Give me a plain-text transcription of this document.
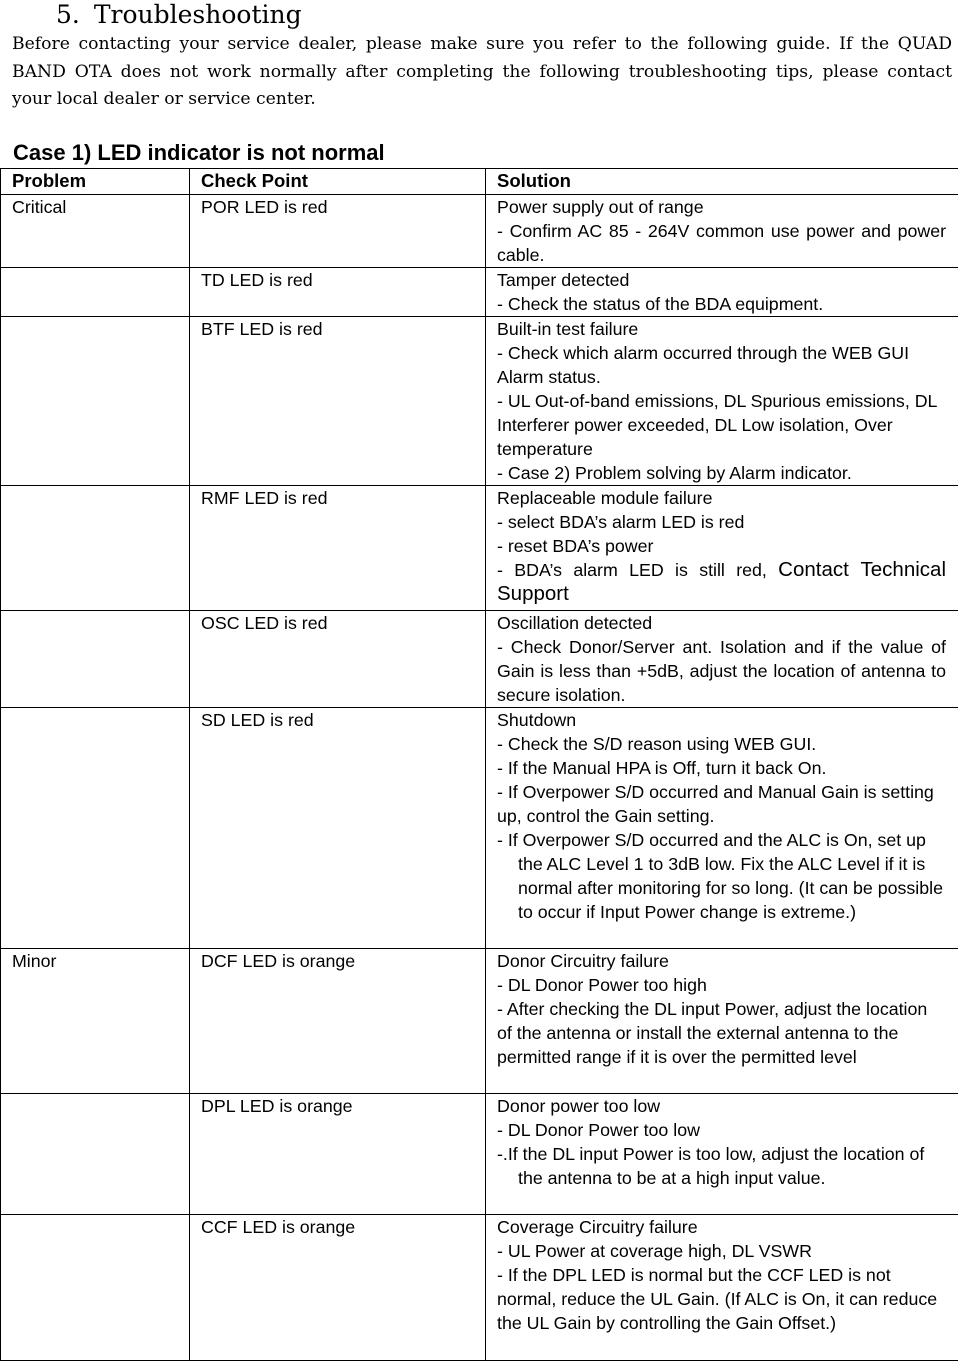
5. Troubleshooting
Before contacting your service dealer, please make sure you refer to the following guide. If the QUAD BAND OTA does not work normally after completing the following troubleshooting tips, please contact your local dealer or service center.
Case 1) LED indicator is not normal
Problem	Check Point	Solution
Critical	POR LED is red	Power supply out of range
- Confirm AC 85 - 264V common use power and power cable.

	TD LED is red	Tamper detected
- Check the status of the BDA equipment.

	BTF LED is red	Built-in test failure
- Check which alarm occurred through the WEB GUI Alarm status.
- UL Out-of-band emissions, DL Spurious emissions, DL Interferer power exceeded, DL Low isolation, Over temperature
- Case 2) Problem solving by Alarm indicator.

	RMF LED is red	Replaceable module failure
- select BDA’s alarm LED is red
- reset BDA’s power
- BDA’s alarm LED is still red, Contact Technical Support

	OSC LED is red	Oscillation detected
- Check Donor/Server ant. Isolation and if the value of Gain is less than +5dB, adjust the location of antenna to secure isolation.

	SD LED is red	Shutdown
- Check the S/D reason using WEB GUI.
- If the Manual HPA is Off, turn it back On.
- If Overpower S/D occurred and Manual Gain is setting up, control the Gain setting.
- If Overpower S/D occurred and the ALC is On, set up the ALC Level 1 to 3dB low. Fix the ALC Level if it is normal after monitoring for so long. (It can be possible to occur if Input Power change is extreme.)

Minor	DCF LED is orange	Donor Circuitry failure
- DL Donor Power too high
- After checking the DL input Power, adjust the location of the antenna or install the external antenna to the permitted range if it is over the permitted level

	DPL LED is orange	Donor power too low
- DL Donor Power too low
-.If the DL input Power is too low, adjust the location of the antenna to be at a high input value.

	CCF LED is orange	Coverage Circuitry failure
- UL Power at coverage high, DL VSWR
- If the DPL LED is normal but the CCF LED is not normal, reduce the UL Gain. (If ALC is On, it can reduce the UL Gain by controlling the Gain Offset.)
